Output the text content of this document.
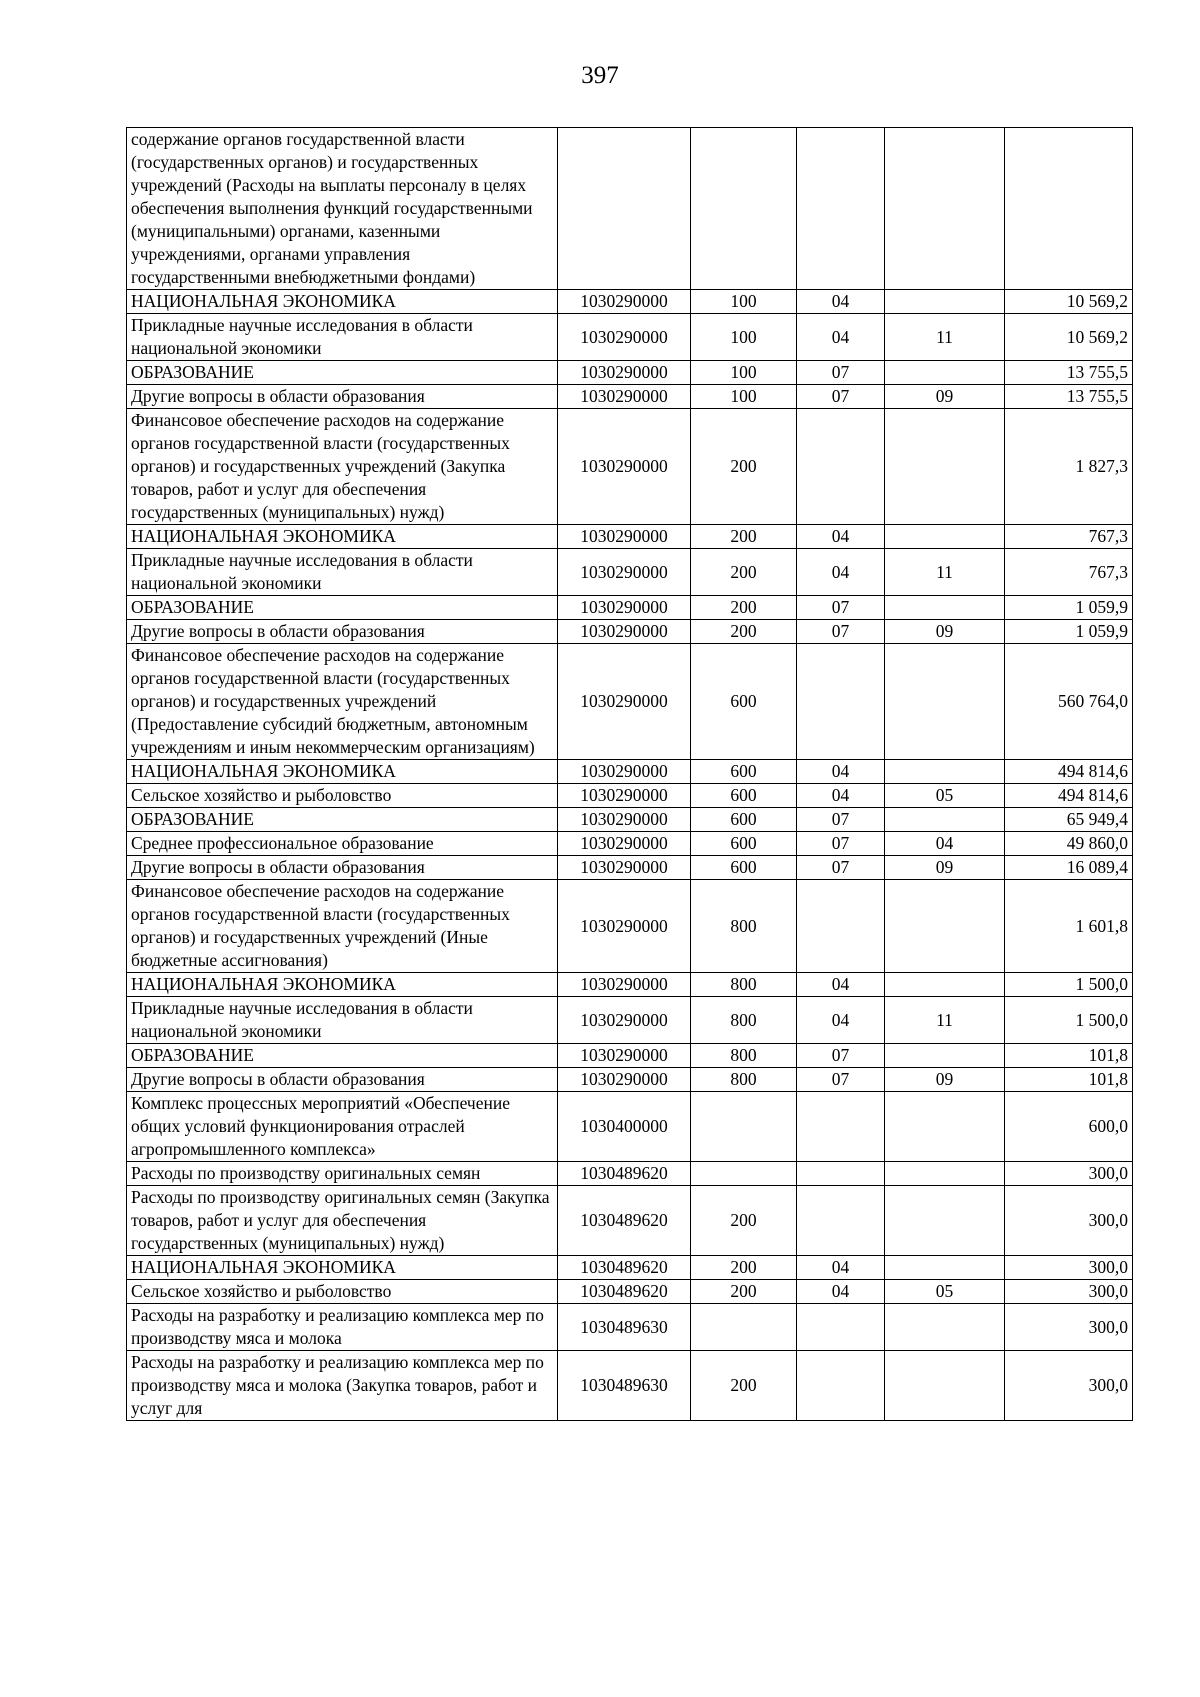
397
содержание органов государственной власти (государственных органов) и государственных учреждений (Расходы на выплаты персоналу в целях обеспечения выполнения функций государственными (муниципальными) органами, казенными учреждениями, органами управления государственными внебюджетными фондами)					
НАЦИОНАЛЬНАЯ ЭКОНОМИКА	1030290000	100	04		10 569,2
Прикладные научные исследования в области национальной экономики	1030290000	100	04	11	10 569,2
ОБРАЗОВАНИЕ	1030290000	100	07		13 755,5
Другие вопросы в области образования	1030290000	100	07	09	13 755,5
Финансовое обеспечение расходов на содержание органов государственной власти (государственных органов) и государственных учреждений (Закупка товаров, работ и услуг для обеспечения государственных (муниципальных) нужд)	1030290000	200			1 827,3
НАЦИОНАЛЬНАЯ ЭКОНОМИКА	1030290000	200	04		767,3
Прикладные научные исследования в области национальной экономики	1030290000	200	04	11	767,3
ОБРАЗОВАНИЕ	1030290000	200	07		1 059,9
Другие вопросы в области образования	1030290000	200	07	09	1 059,9
Финансовое обеспечение расходов на содержание органов государственной власти (государственных органов) и государственных учреждений (Предоставление субсидий бюджетным, автономным учреждениям и иным некоммерческим организациям)	1030290000	600			560 764,0
НАЦИОНАЛЬНАЯ ЭКОНОМИКА	1030290000	600	04		494 814,6
Сельское хозяйство и рыболовство	1030290000	600	04	05	494 814,6
ОБРАЗОВАНИЕ	1030290000	600	07		65 949,4
Среднее профессиональное образование	1030290000	600	07	04	49 860,0
Другие вопросы в области образования	1030290000	600	07	09	16 089,4
Финансовое обеспечение расходов на содержание органов государственной власти (государственных органов) и государственных учреждений (Иные бюджетные ассигнования)	1030290000	800			1 601,8
НАЦИОНАЛЬНАЯ ЭКОНОМИКА	1030290000	800	04		1 500,0
Прикладные научные исследования в области национальной экономики	1030290000	800	04	11	1 500,0
ОБРАЗОВАНИЕ	1030290000	800	07		101,8
Другие вопросы в области образования	1030290000	800	07	09	101,8
Комплекс процессных мероприятий «Обеспечение общих условий функционирования отраслей агропромышленного комплекса»	1030400000				600,0
Расходы по производству оригинальных семян	1030489620				300,0
Расходы по производству оригинальных семян (Закупка товаров, работ и услуг для обеспечения государственных (муниципальных) нужд)	1030489620	200			300,0
НАЦИОНАЛЬНАЯ ЭКОНОМИКА	1030489620	200	04		300,0
Сельское хозяйство и рыболовство	1030489620	200	04	05	300,0
Расходы на разработку и реализацию комплекса мер по производству мяса и молока	1030489630				300,0
Расходы на разработку и реализацию комплекса мер по производству мяса и молока (Закупка товаров, работ и услуг для	1030489630	200			300,0
